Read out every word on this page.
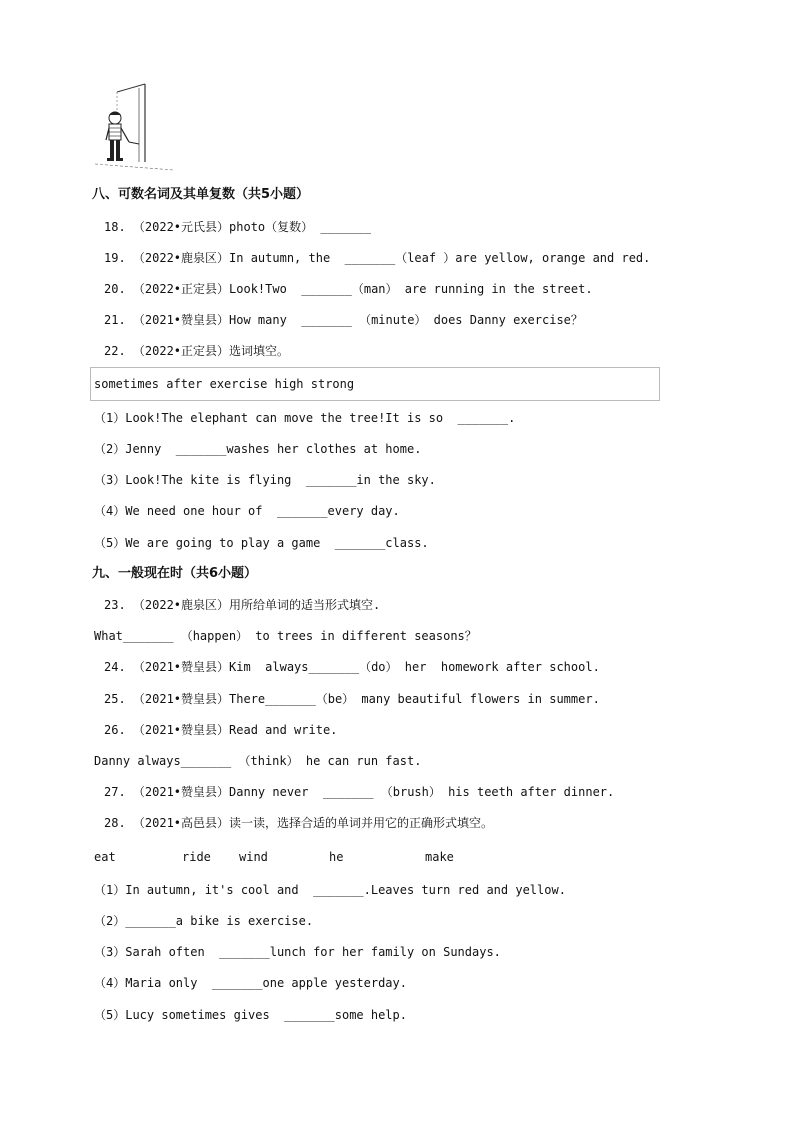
八、可数名词及其单复数（共5小题）
18. （2022•元氏县）photo（复数） _______
19. （2022•鹿泉区）In autumn, the  _______（leaf ）are yellow, orange and red.
20. （2022•正定县）Look!Two  _______（man） are running in the street.
21. （2021•赞皇县）How many  _______ （minute） does Danny exercise？
22. （2022•正定县）选词填空。
sometimes after exercise high strong
（1）Look!The elephant can move the tree!It is so  _______.
（2）Jenny  _______washes her clothes at home.
（3）Look!The kite is flying  _______in the sky.
（4）We need one hour of  _______every day.
（5）We are going to play a game  _______class.
九、一般现在时（共6小题）
23. （2022•鹿泉区）用所给单词的适当形式填空.
What_______ （happen） to trees in different seasons？
24. （2021•赞皇县）Kim  always_______（do） her  homework after school.
25. （2021•赞皇县）There_______（be） many beautiful flowers in summer.
26. （2021•赞皇县）Read and write.
Danny always_______ （think） he can run fast.
27. （2021•赞皇县）Danny never  _______ （brush） his teeth after dinner.
28. （2021•高邑县）读一读，选择合适的单词并用它的正确形式填空。
eat	ride wind	he	make
（1）In autumn, it's cool and  _______.Leaves turn red and yellow.
（2）_______a bike is exercise.
（3）Sarah often  _______lunch for her family on Sundays.
（4）Maria only  _______one apple yesterday.
（5）Lucy sometimes gives  _______some help.
